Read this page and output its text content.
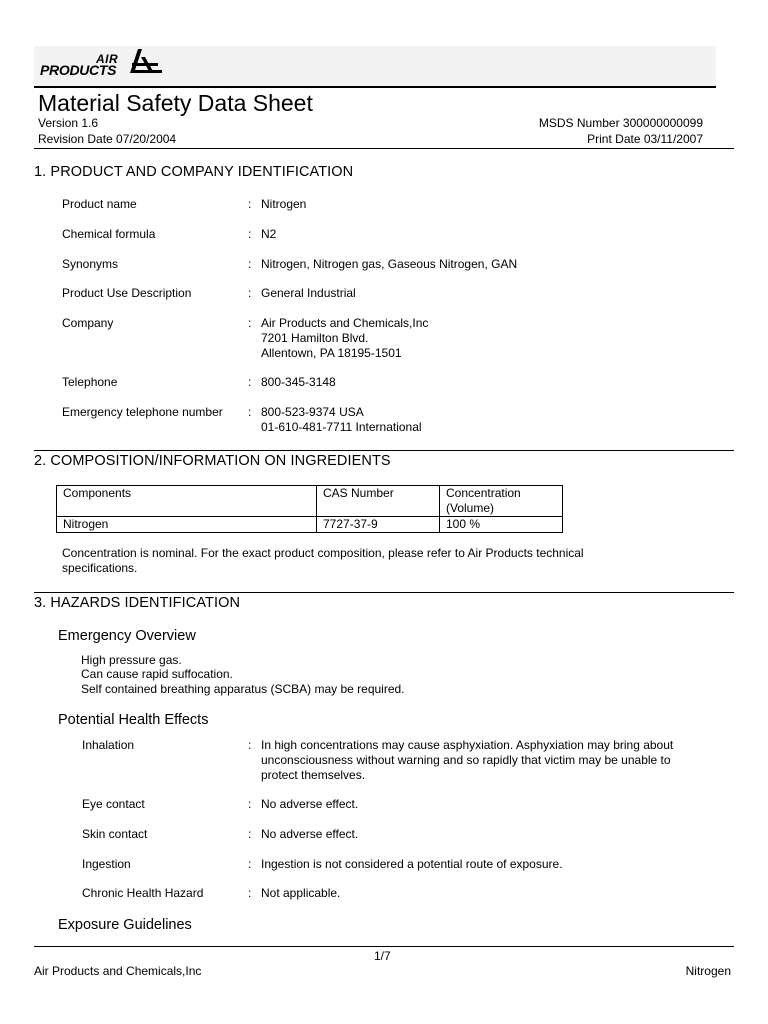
AIR
PRODUCTS
Material Safety Data Sheet
Version 1.6
Revision Date 07/20/2004
MSDS Number 300000000099
Print Date 03/11/2007
1. PRODUCT AND COMPANY IDENTIFICATION
Product name	: Nitrogen
Chemical formula	: N2
Synonyms	: Nitrogen, Nitrogen gas, Gaseous Nitrogen, GAN
Product Use Description	: General Industrial
Company	: Air Products and Chemicals,Inc
7201 Hamilton Blvd.
Allentown, PA 18195-1501
Telephone	: 800-345-3148
Emergency telephone number : 800-523-9374 USA
01-610-481-7711 International
2. COMPOSITION/INFORMATION ON INGREDIENTS
Components	CAS Number	Concentration
(Volume)

Nitrogen	7727-37-9	100 %
Concentration is nominal. For the exact product composition, please refer to Air Products technical
specifications.
3. HAZARDS IDENTIFICATION
Emergency Overview
High pressure gas.
Can cause rapid suffocation.
Self contained breathing apparatus (SCBA) may be required.
Potential Health Effects
Inhalation	: In high concentrations may cause asphyxiation. Asphyxiation may bring about
unconsciousness without warning and so rapidly that victim may be unable to
protect themselves.
Eye contact	: No adverse effect.
Skin contact	: No adverse effect.
Ingestion	: Ingestion is not considered a potential route of exposure.
Chronic Health Hazard	: Not applicable.
Exposure Guidelines
1/7
Air Products and Chemicals,Inc	Nitrogen
